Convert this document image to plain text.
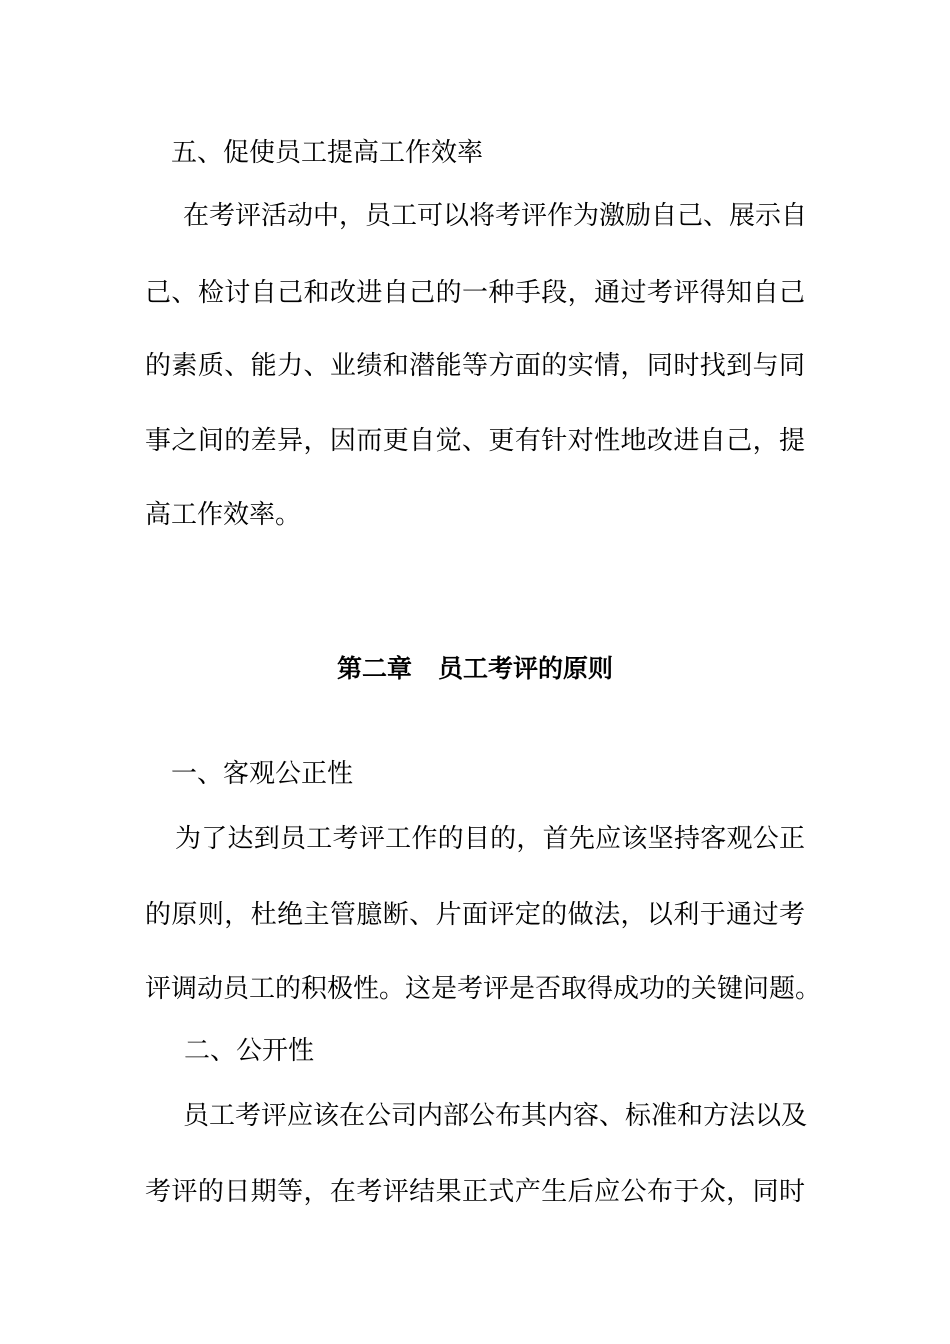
五、促使员工提高工作效率

在考评活动中，员工可以将考评作为激励自己、展示自

己、检讨自己和改进自己的一种手段，通过考评得知自己

的素质、能力、业绩和潜能等方面的实情，同时找到与同

事之间的差异，因而更自觉、更有针对性地改进自己，提

高工作效率。

第二章   员工考评的原则

一、客观公正性

为了达到员工考评工作的目的，首先应该坚持客观公正

的原则，杜绝主管臆断、片面评定的做法，以利于通过考

评调动员工的积极性。这是考评是否取得成功的关键问题。

二、公开性

员工考评应该在公司内部公布其内容、标准和方法以及

考评的日期等，在考评结果正式产生后应公布于众，同时
